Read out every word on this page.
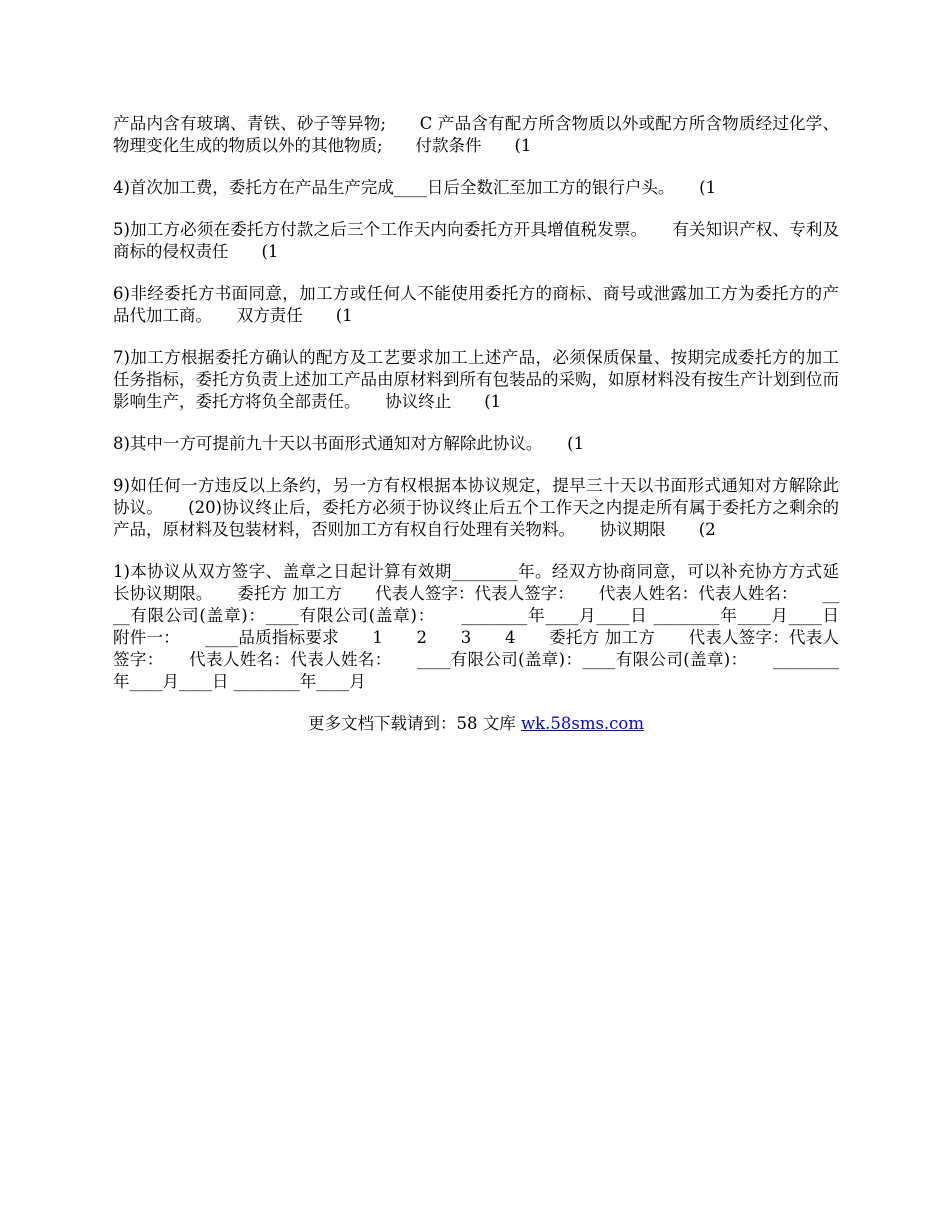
产品内含有玻璃、青铁、砂子等异物;　　C 产品含有配方所含物质以外或配方所含物质经过化学、物理变化生成的物质以外的其他物质;　　付款条件　　(1

4)首次加工费，委托方在产品生产完成____日后全数汇至加工方的银行户头。　　(1

5)加工方必须在委托方付款之后三个工作天内向委托方开具增值税发票。　　有关知识产权、专利及商标的侵权责任　　(1

6)非经委托方书面同意，加工方或任何人不能使用委托方的商标、商号或泄露加工方为委托方的产品代加工商。　　双方责任　　(1

7)加工方根据委托方确认的配方及工艺要求加工上述产品，必须保质保量、按期完成委托方的加工任务指标，委托方负责上述加工产品由原材料到所有包装品的采购，如原材料没有按生产计划到位而影响生产，委托方将负全部责任。　　协议终止　　(1

8)其中一方可提前九十天以书面形式通知对方解除此协议。　　(1

9)如任何一方违反以上条约，另一方有权根据本协议规定，提早三十天以书面形式通知对方解除此协议。　　(20)协议终止后，委托方必须于协议终止后五个工作天之内提走所有属于委托方之剩余的产品，原材料及包装材料，否则加工方有权自行处理有关物料。　　协议期限　　(2

1)本协议从双方签字、盖章之日起计算有效期________年。经双方协商同意，可以补充协方方式延长协议期限。　　委托方 加工方　　代表人签字：代表人签字：　　代表人姓名：代表人姓名：　　____有限公司(盖章)：____有限公司(盖章)：　　________年____月____日 ________年____月____日　　附件一：　　____品质指标要求　　1　　2　　3　　4　　委托方 加工方　　代表人签字：代表人签字：　　代表人姓名：代表人姓名：　　____有限公司(盖章)：____有限公司(盖章)：　　________年____月____日 ________年____月

更多文档下载请到：58 文库 wk.58sms.com
